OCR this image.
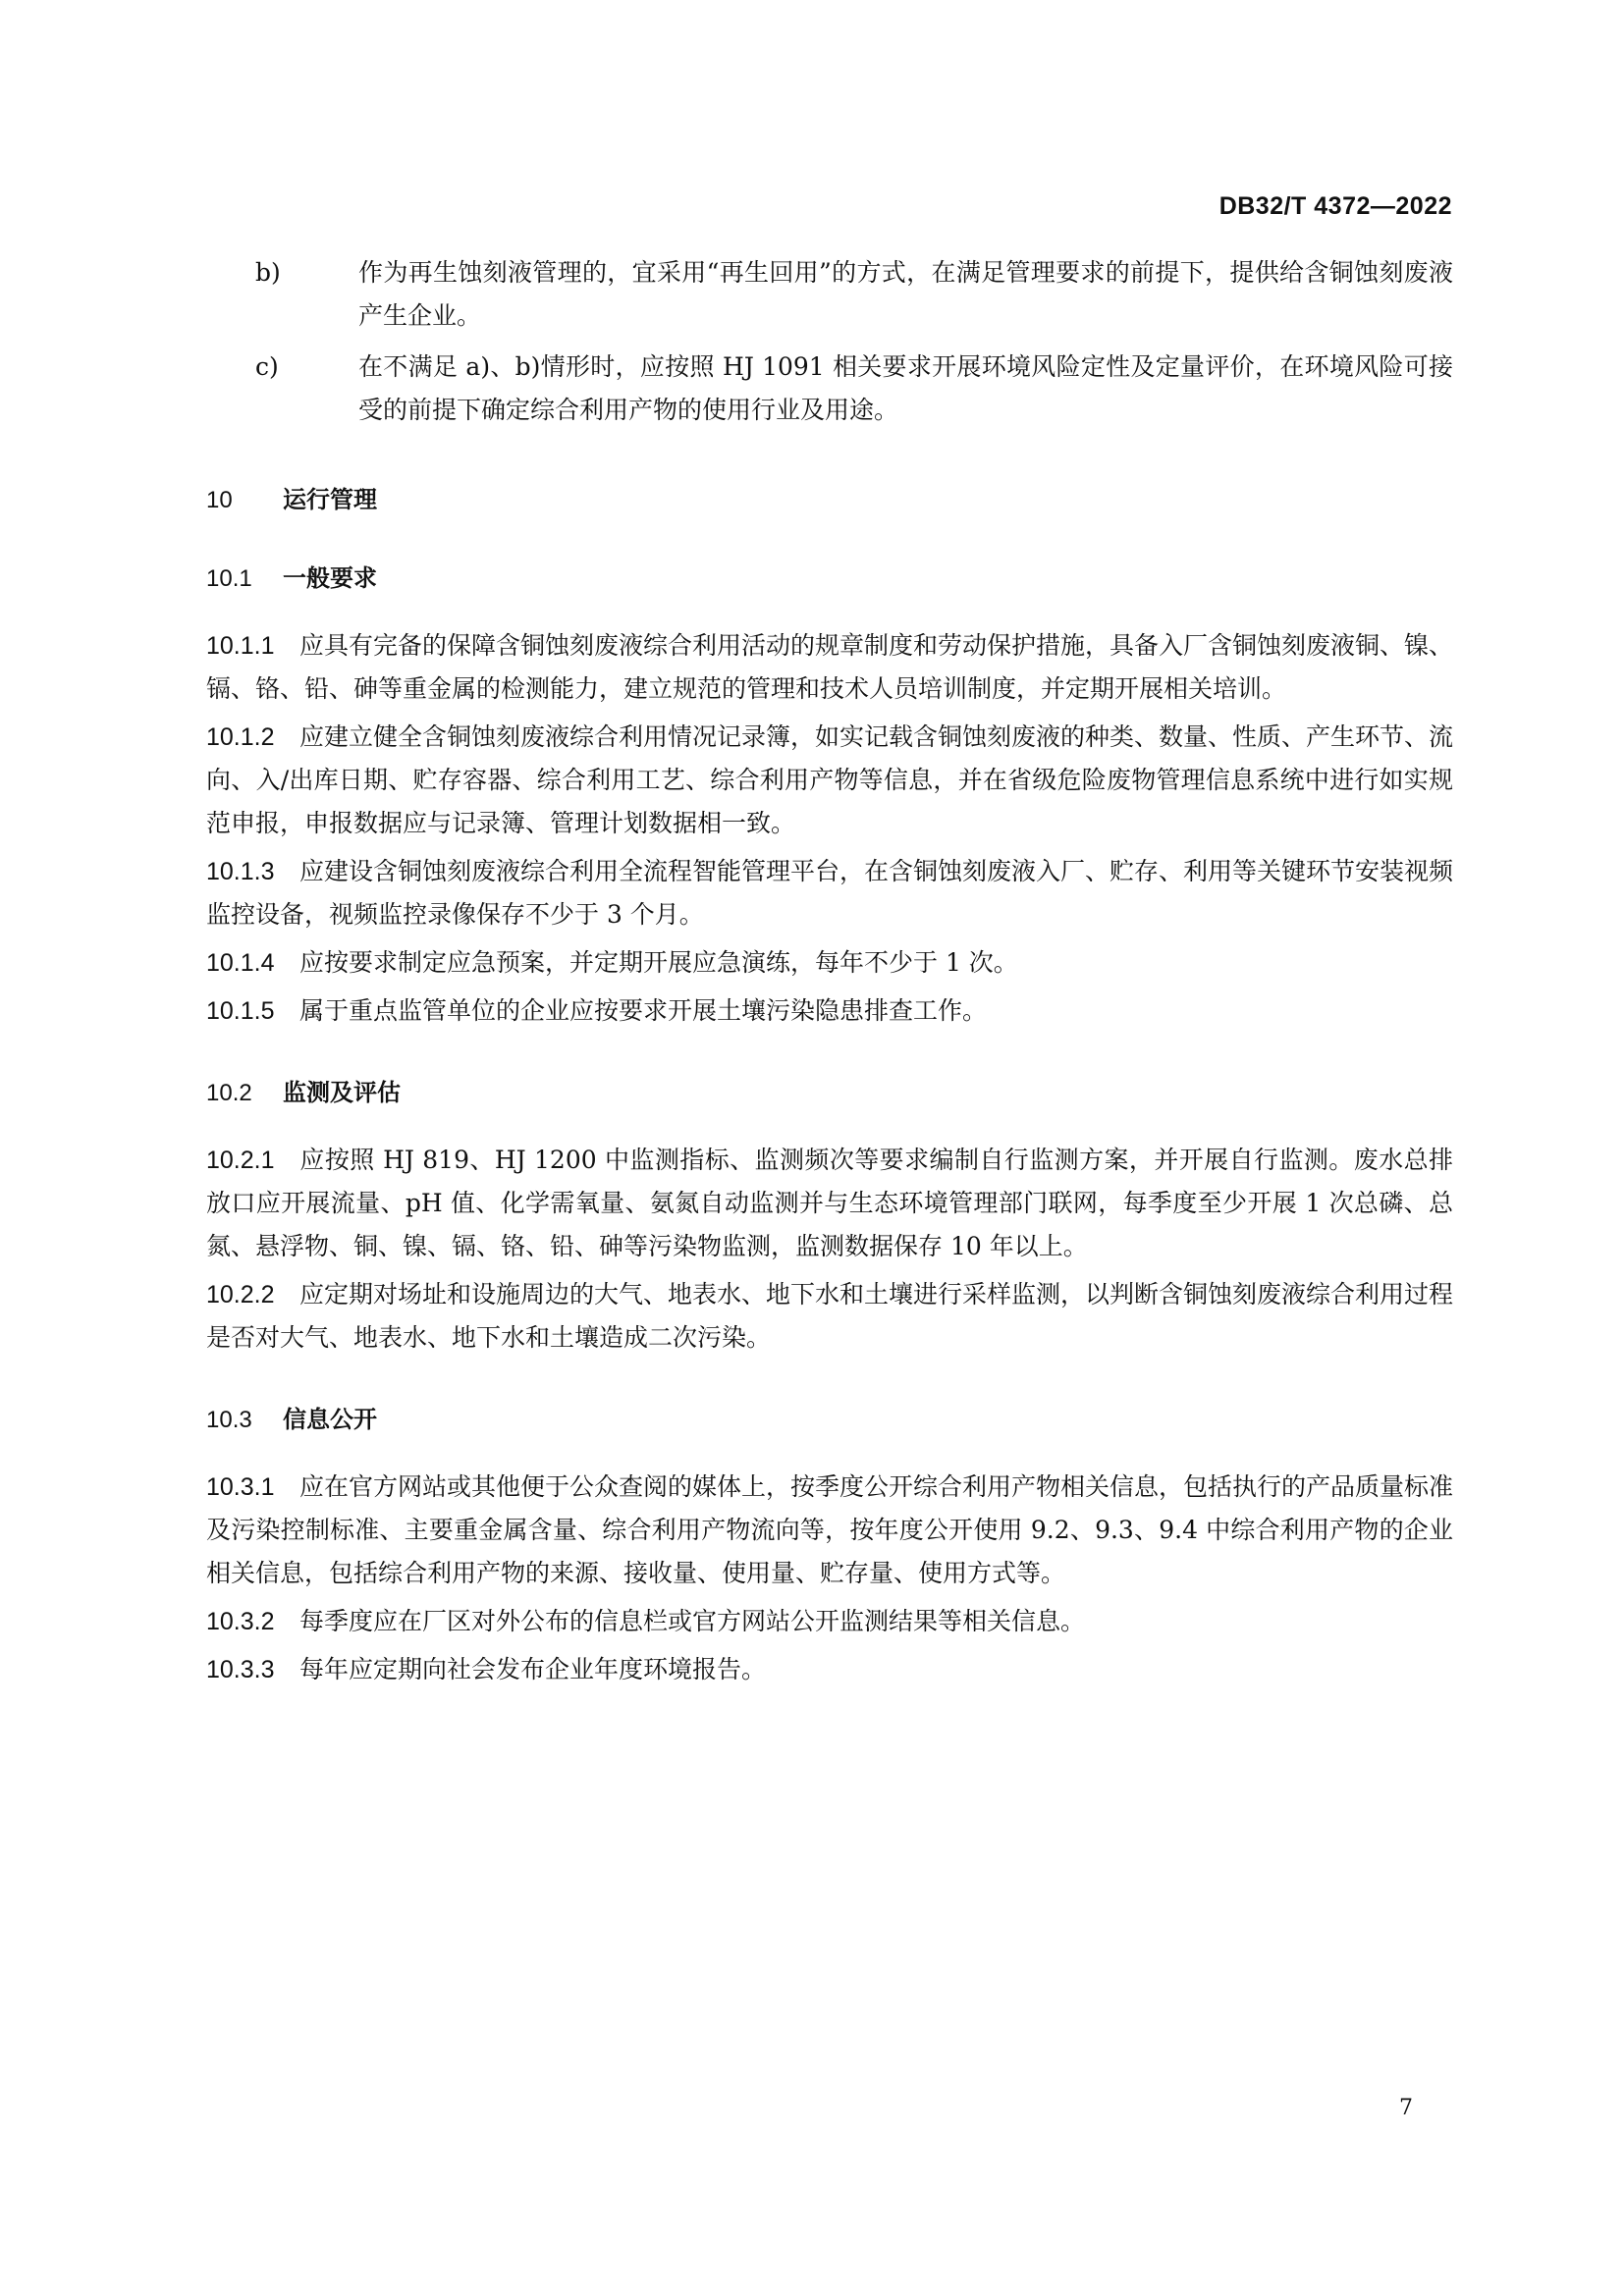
DB32/T 4372—2022
b)	作为再生蚀刻液管理的，宜采用“再生回用”的方式，在满足管理要求的前提下，提供给含铜蚀刻废液产生企业。
c)	在不满足 a)、b)情形时，应按照 HJ 1091 相关要求开展环境风险定性及定量评价，在环境风险可接受的前提下确定综合利用产物的使用行业及用途。
10 运行管理
10.1 一般要求

10.1.1 应具有完备的保障含铜蚀刻废液综合利用活动的规章制度和劳动保护措施，具备入厂含铜蚀刻废液铜、镍、镉、铬、铅、砷等重金属的检测能力，建立规范的管理和技术人员培训制度，并定期开展相关培训。

10.1.2 应建立健全含铜蚀刻废液综合利用情况记录簿，如实记载含铜蚀刻废液的种类、数量、性质、产生环节、流向、入/出库日期、贮存容器、综合利用工艺、综合利用产物等信息，并在省级危险废物管理信息系统中进行如实规范申报，申报数据应与记录簿、管理计划数据相一致。

10.1.3 应建设含铜蚀刻废液综合利用全流程智能管理平台，在含铜蚀刻废液入厂、贮存、利用等关键环节安装视频监控设备，视频监控录像保存不少于 3 个月。

10.1.4 应按要求制定应急预案，并定期开展应急演练，每年不少于 1 次。

10.1.5 属于重点监管单位的企业应按要求开展土壤污染隐患排查工作。

10.2 监测及评估

10.2.1 应按照 HJ 819、HJ 1200 中监测指标、监测频次等要求编制自行监测方案，并开展自行监测。废水总排放口应开展流量、pH 值、化学需氧量、氨氮自动监测并与生态环境管理部门联网，每季度至少开展 1 次总磷、总氮、悬浮物、铜、镍、镉、铬、铅、砷等污染物监测，监测数据保存 10 年以上。

10.2.2 应定期对场址和设施周边的大气、地表水、地下水和土壤进行采样监测，以判断含铜蚀刻废液综合利用过程是否对大气、地表水、地下水和土壤造成二次污染。

10.3 信息公开

10.3.1 应在官方网站或其他便于公众查阅的媒体上，按季度公开综合利用产物相关信息，包括执行的产品质量标准及污染控制标准、主要重金属含量、综合利用产物流向等，按年度公开使用 9.2、9.3、9.4 中综合利用产物的企业相关信息，包括综合利用产物的来源、接收量、使用量、贮存量、使用方式等。

10.3.2 每季度应在厂区对外公布的信息栏或官方网站公开监测结果等相关信息。

10.3.3 每年应定期向社会发布企业年度环境报告。

7
